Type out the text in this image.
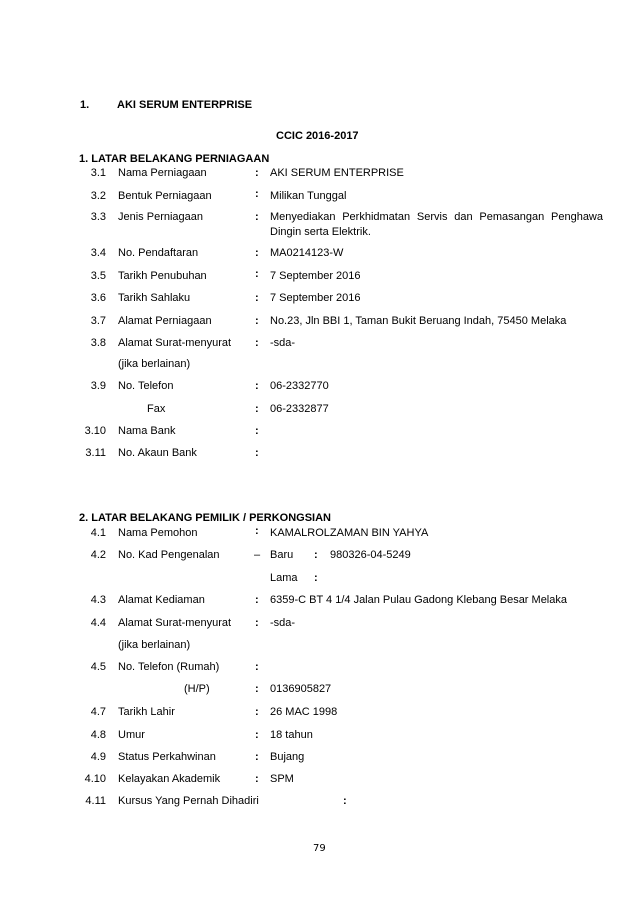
1.	AKI SERUM ENTERPRISE
CCIC 2016-2017
1. LATAR BELAKANG PERNIAGAAN
3.1 Nama Perniagaan	: AKI SERUM ENTERPRISE
3.2 Bentuk Perniagaan	: Milikan Tunggal
3.3 Jenis Perniagaan	: Menyediakan Perkhidmatan Servis dan Pemasangan Penghawa Dingin serta Elektrik.
3.4 No. Pendaftaran	: MA0214123-W
3.5 Tarikh Penubuhan	: 7 September 2016
3.6 Tarikh Sahlaku	: 7 September 2016
3.7 Alamat Perniagaan	: No.23, Jln BBI 1, Taman Bukit Beruang Indah, 75450 Melaka
3.8 Alamat Surat-menyurat : -sda-
(jika berlainan)
3.9 No. Telefon	: 06-2332770
Fax	: 06-2332877
3.10 Nama Bank	:
3.11 No. Akaun Bank	:
2. LATAR BELAKANG PEMILIK / PERKONGSIAN
4.1 Nama Pemohon	: KAMALROLZAMAN BIN YAHYA
4.2 No. Kad Pengenalan	– Baru : 980326-04-5249
Lama :
4.3 Alamat Kediaman	: 6359-C BT 4 1/4 Jalan Pulau Gadong Klebang Besar Melaka
4.4 Alamat Surat-menyurat : -sda-
(jika berlainan)
4.5 No. Telefon (Rumah)	:
(H/P)	: 0136905827
4.7 Tarikh Lahir	: 26 MAC 1998
4.8 Umur	: 18 tahun
4.9 Status Perkahwinan	: Bujang
4.10 Kelayakan Akademik	: SPM
4.11 Kursus Yang Pernah Dihadiri	:
79
